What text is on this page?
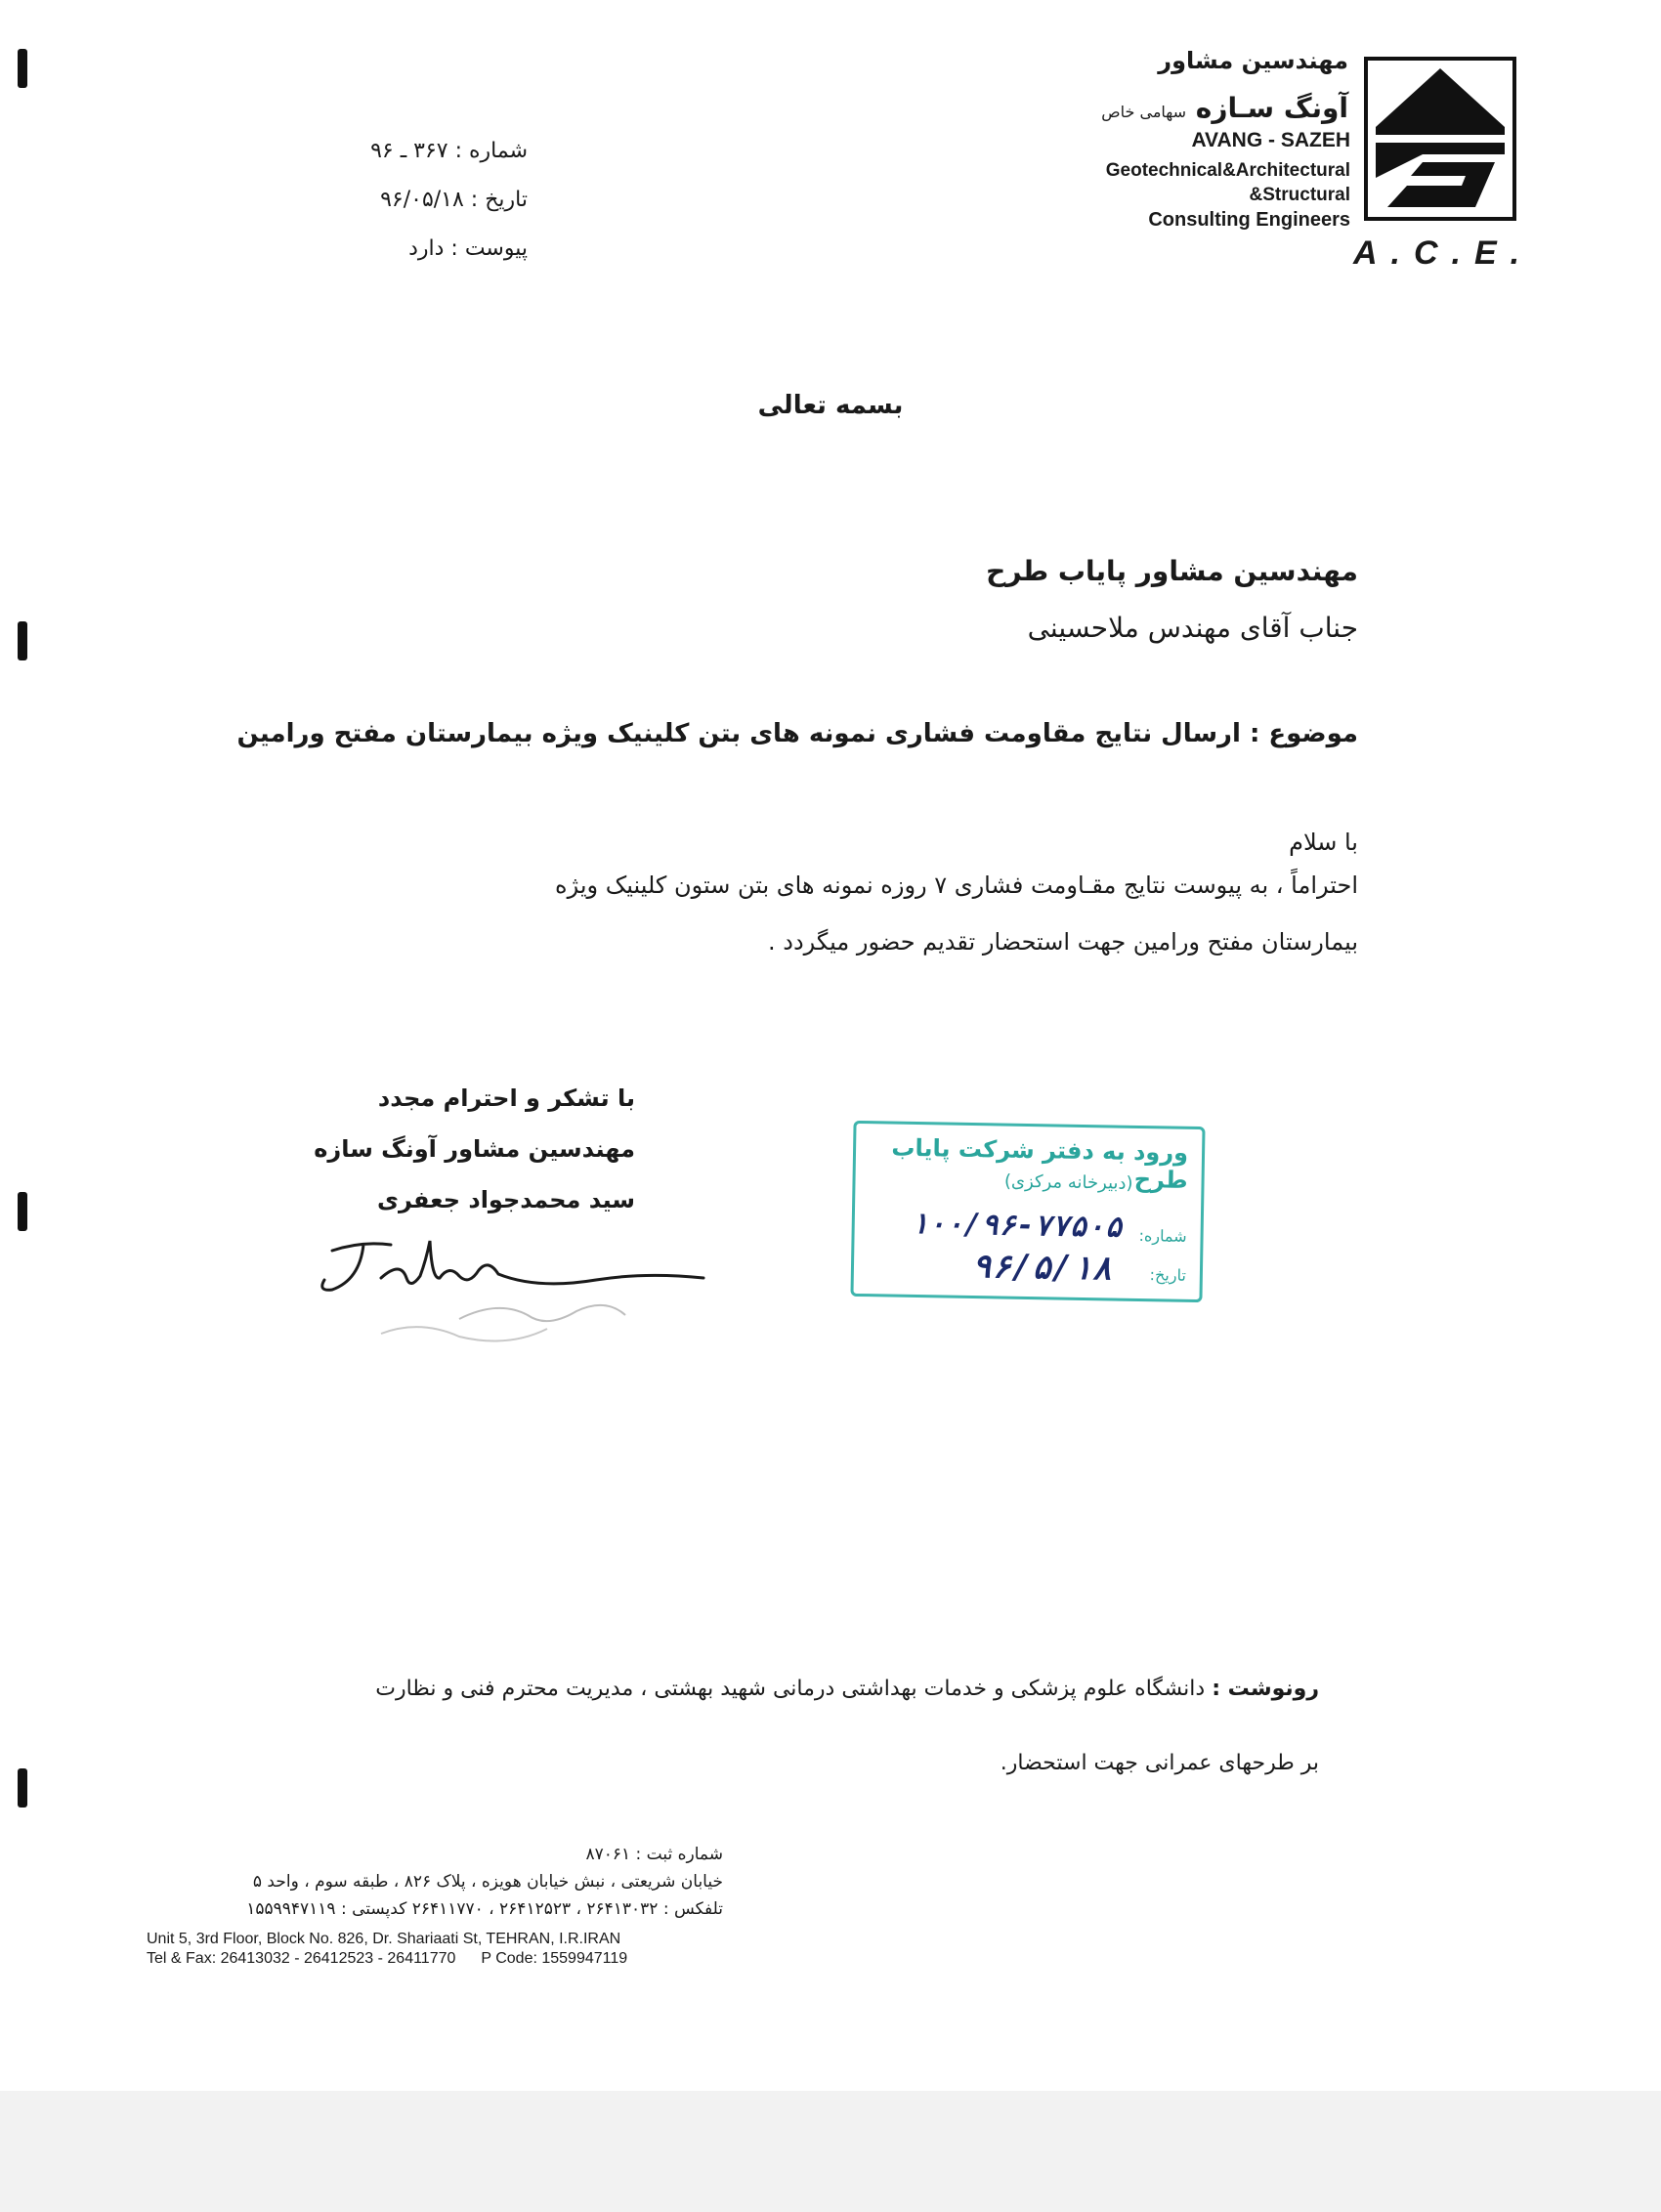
شماره : ۳۶۷ ـ ۹۶
تاریخ : ۹۶/۰۵/۱۸
پیوست : دارد
مهندسین مشاور
آونگ سـازه سهامی خاص
AVANG - SAZEH
Geotechnical&Architectural
&Structural
Consulting Engineers
A.C.E.
بسمه تعالی
مهندسین مشاور پایاب طرح
جناب آقای مهندس ملاحسینی
موضوع : ارسال نتایج مقاومت فشاری نمونه های بتن کلینیک ویژه بیمارستان مفتح ورامین
با سلام
احتراماً ، به پیوست نتایج مقـاومت فشاری ۷ روزه نمونه های بتن ستون کلینیک ویژه
بیمارستان مفتح ورامین جهت استحضار تقدیم حضور میگردد .
با تشکر و احترام مجدد
مهندسین مشاور آونگ سازه
سید محمدجواد جعفری
ورود به دفتر شرکت پایاب طرح
(دبیرخانه مرکزی)
شماره:
۱۰۰/۹۶-۷۷۵۰۵
تاریخ:
۹۶/۵/۱۸
رونوشت : دانشگاه علوم پزشکی و خدمات بهداشتی درمانی شهید بهشتی ، مدیریت محترم فنی و نظارت
بر طرحهای عمرانی جهت استحضار.
شماره ثبت : ۸۷۰۶۱
خیابان شریعتی ، نبش خیابان هویزه ، پلاک ۸۲۶ ، طبقه سوم ، واحد ۵
تلفکس : ۲۶۴۱۳۰۳۲ ، ۲۶۴۱۲۵۲۳ ، ۲۶۴۱۱۷۷۰ کدپستی : ۱۵۵۹۹۴۷۱۱۹
Unit 5, 3rd Floor, Block No. 826, Dr. Shariaati St, TEHRAN, I.R.IRAN
Tel & Fax: 26413032 - 26412523 - 26411770 P Code: 1559947119
